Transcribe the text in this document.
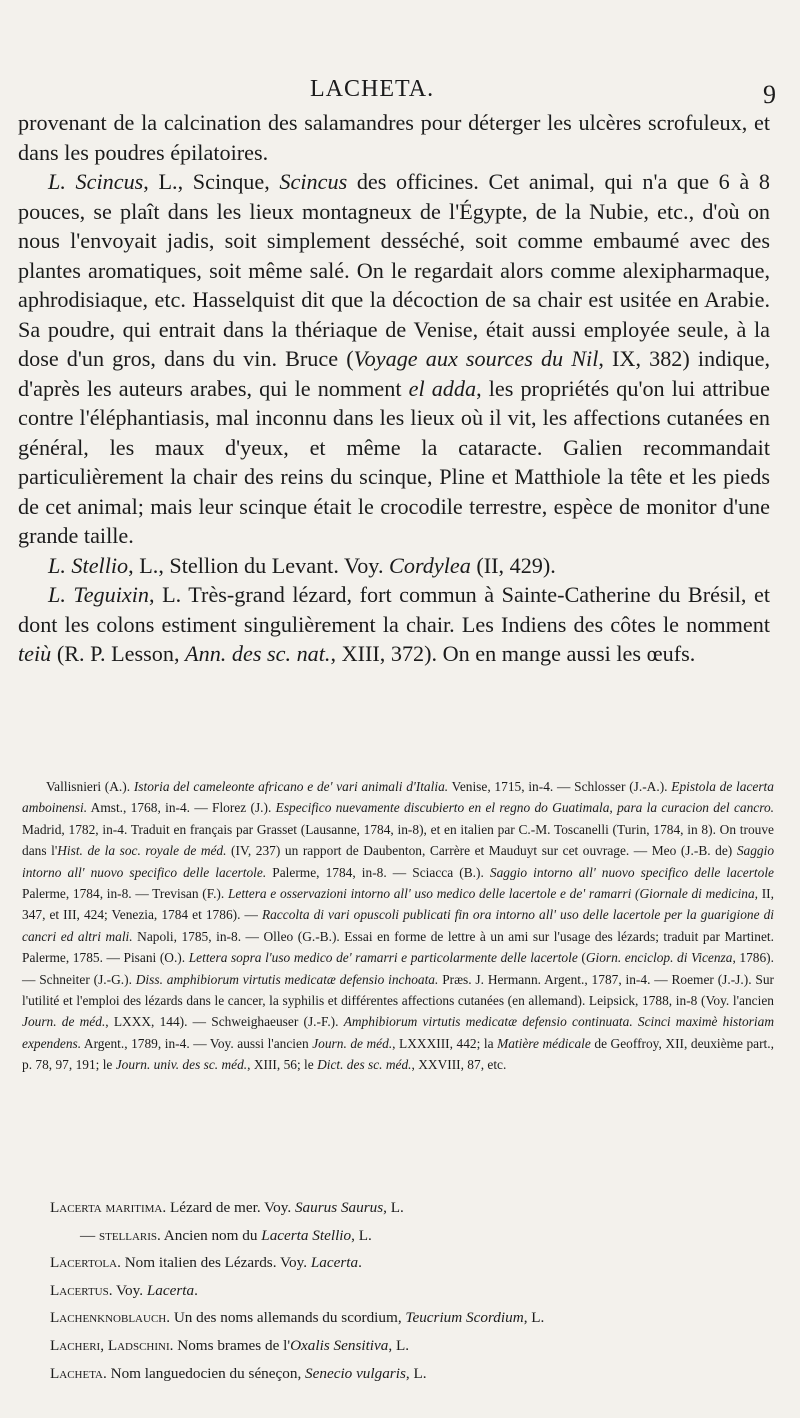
LACHETA.	9

provenant de la calcination des salamandres pour déterger les ulcères scrofuleux, et dans les poudres épilatoires.

L. Scincus, L., Scinque, Scincus des officines. Cet animal, qui n'a que 6 à 8 pouces, se plaît dans les lieux montagneux de l'Égypte, de la Nubie, etc., d'où on nous l'envoyait jadis, soit simplement desséché, soit comme embaumé avec des plantes aromatiques, soit même salé. On le regardait alors comme alexipharmaque, aphrodisiaque, etc. Hasselquist dit que la décoction de sa chair est usitée en Arabie. Sa poudre, qui entrait dans la thériaque de Venise, était aussi employée seule, à la dose d'un gros, dans du vin. Bruce (Voyage aux sources du Nil, IX, 382) indique, d'après les auteurs arabes, qui le nomment el adda, les propriétés qu'on lui attribue contre l'éléphantiasis, mal inconnu dans les lieux où il vit, les affections cutanées en général, les maux d'yeux, et même la cataracte. Galien recommandait particulièrement la chair des reins du scinque, Pline et Matthiole la tête et les pieds de cet animal; mais leur scinque était le crocodile terrestre, espèce de monitor d'une grande taille.

L. Stellio, L., Stellion du Levant. Voy. Cordylea (II, 429).

L. Teguixin, L. Très-grand lézard, fort commun à Sainte-Catherine du Brésil, et dont les colons estiment singulièrement la chair. Les Indiens des côtes le nomment teiù (R. P. Lesson, Ann. des sc. nat., XIII, 372). On en mange aussi les œufs.

Vallisnieri (A.). Istoria del cameleonte africano e de' vari animali d'Italia. Venise, 1715, in-4. — Schlosser (J.-A.). Epistola de lacerta amboinensi. Amst., 1768, in-4. — Florez (J.). Especifico nuevamente discubierto en el regno do Guatimala, para la curacion del cancro. Madrid, 1782, in-4. Traduit en français par Grasset (Lausanne, 1784, in-8), et en italien par C.-M. Toscanelli (Turin, 1784, in 8). On trouve dans l'Hist. de la soc. royale de méd. (IV, 237) un rapport de Daubenton, Carrère et Mauduyt sur cet ouvrage. — Meo (J.-B. de) Saggio intorno all' nuovo specifico delle lacertole. Palerme, 1784, in-8. — Sciacca (B.). Saggio intorno all' nuovo specifico delle lacertole Palerme, 1784, in-8. — Trevisan (F.). Lettera e osservazioni intorno all' uso medico delle lacertole e de' ramarri (Giornale di medicina, II, 347, et III, 424; Venezia, 1784 et 1786). — Raccolta di vari opuscoli publicati fin ora intorno all' uso delle lacertole per la guarigione di cancri ed altri mali. Napoli, 1785, in-8. — Olleo (G.-B.). Essai en forme de lettre à un ami sur l'usage des lézards; traduit par Martinet. Palerme, 1785. — Pisani (O.). Lettera sopra l'uso medico de' ramarri e particolarmente delle lacertole (Giorn. enciclop. di Vicenza, 1786). — Schneiter (J.-G.). Diss. amphibiorum virtutis medicatæ defensio inchoata. Præs. J. Hermann. Argent., 1787, in-4. — Roemer (J.-J.). Sur l'utilité et l'emploi des lézards dans le cancer, la syphilis et différentes affections cutanées (en allemand). Leipsick, 1788, in-8 (Voy. l'ancien Journ. de méd., LXXX, 144). — Schweighaeuser (J.-F.). Amphibiorum virtutis medicatæ defensio continuata. Scinci maximè historiam expendens. Argent., 1789, in-4. — Voy. aussi l'ancien Journ. de méd., LXXXIII, 442; la Matière médicale de Geoffroy, XII, deuxième part., p. 78, 97, 191; le Journ. univ. des sc. méd., XIII, 56; le Dict. des sc. méd., XXVIII, 87, etc.

Lacerta maritima. Lézard de mer. Voy. Saurus Saurus, L.
— stellaris. Ancien nom du Lacerta Stellio, L.
Lacertola. Nom italien des Lézards. Voy. Lacerta.
Lacertus. Voy. Lacerta.
Lachenknoblauch. Un des noms allemands du scordium, Teucrium Scordium, L.
Lacheri, Ladschini. Noms brames de l'Oxalis Sensitiva, L.
Lacheta. Nom languedocien du séneçon, Senecio vulgaris, L.
